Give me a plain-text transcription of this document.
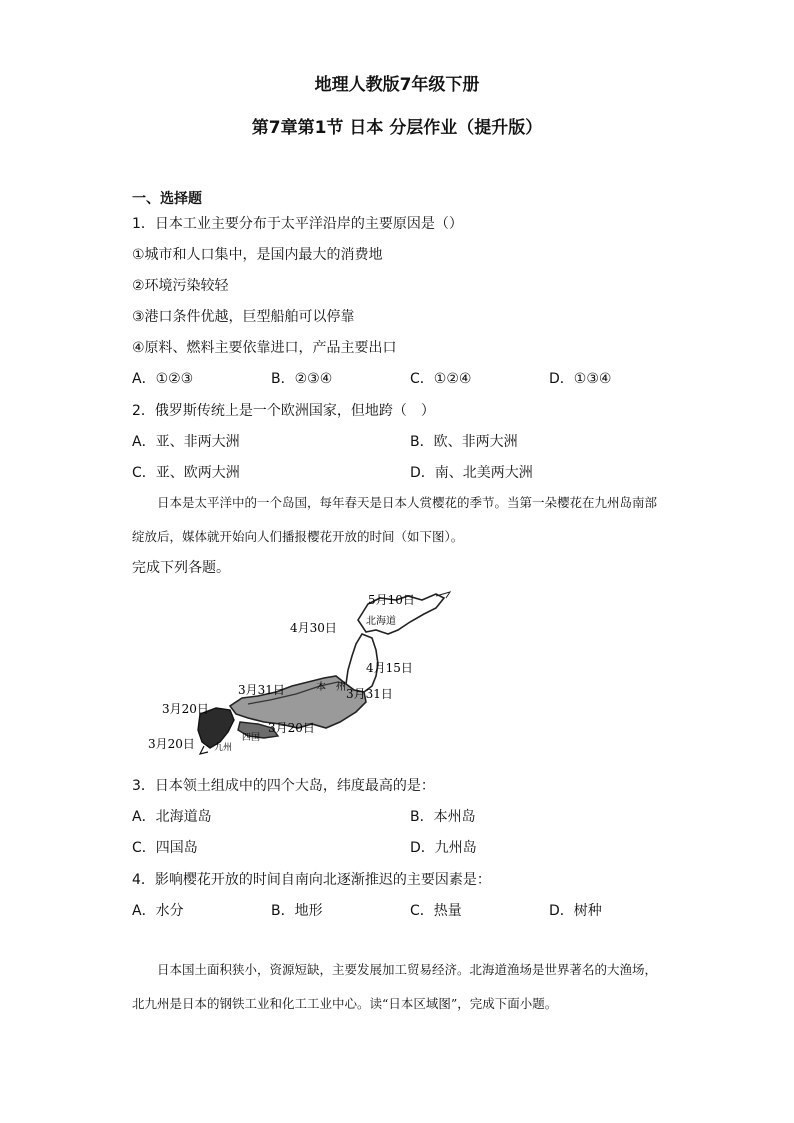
地理人教版7年级下册
第7章第1节 日本 分层作业（提升版）
一、选择题
1．日本工业主要分布于太平洋沿岸的主要原因是（）
①城市和人口集中，是国内最大的消费地
②环境污染较轻
③港口条件优越，巨型船舶可以停靠
④原料、燃料主要依靠进口，产品主要出口
A．①②③	B．②③④	C．①②④	D．①③④
2．俄罗斯传统上是一个欧洲国家，但地跨（　）
A．亚、非两大洲	B．欧、非两大洲
C．亚、欧两大洲	D．南、北美两大洲
日本是太平洋中的一个岛国，每年春天是日本人赏樱花的季节。当第一朵樱花在九州岛南部绽放后，媒体就开始向人们播报樱花开放的时间（如下图）。
完成下列各题。
5月10日
4月30日	北海道
4月15日
本　州
3月31日	3月31日
3月20日
3月20日
3月20日	四国
九州
3．日本领土组成中的四个大岛，纬度最高的是：
A．北海道岛	B．本州岛
C．四国岛	D．九州岛
4．影响樱花开放的时间自南向北逐渐推迟的主要因素是：
A．水分	B．地形	C．热量	D．树种
日本国土面积狭小，资源短缺，主要发展加工贸易经济。北海道渔场是世界著名的大渔场，北九州是日本的钢铁工业和化工工业中心。读“日本区域图”，完成下面小题。
